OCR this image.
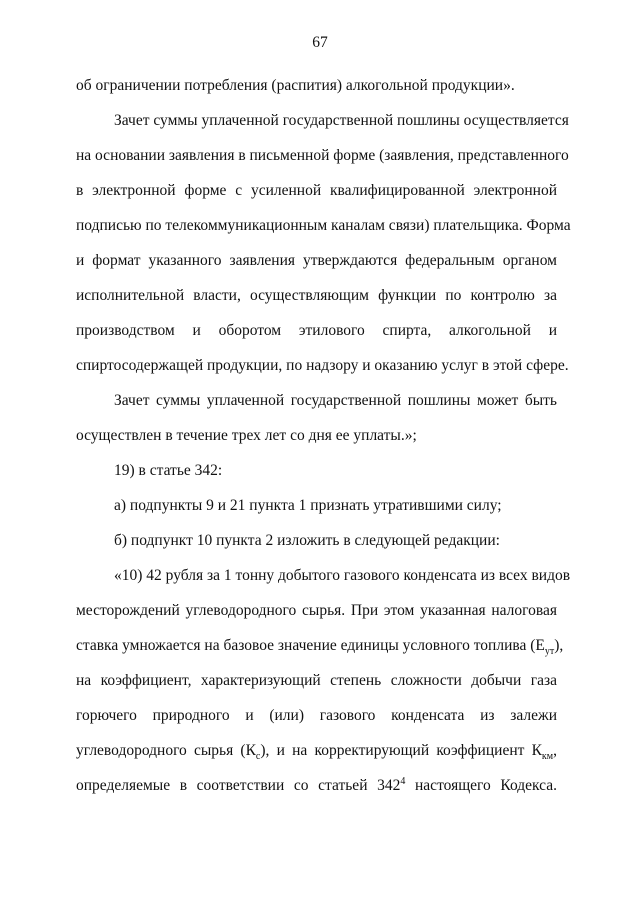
67
об ограничении потребления (распития) алкогольной продукции».
Зачет суммы уплаченной государственной пошлины осуществляется
на основании заявления в письменной форме (заявления, представленного
в электронной форме с усиленной квалифицированной электронной
подписью по телекоммуникационным каналам связи) плательщика. Форма
и формат указанного заявления утверждаются федеральным органом
исполнительной власти, осуществляющим функции по контролю за
производством и оборотом этилового спирта, алкогольной и
спиртосодержащей продукции, по надзору и оказанию услуг в этой сфере.
Зачет суммы уплаченной государственной пошлины может быть
осуществлен в течение трех лет со дня ее уплаты.»;
19) в статье 342:
а) подпункты 9 и 21 пункта 1 признать утратившими силу;
б) подпункт 10 пункта 2 изложить в следующей редакции:
«10) 42 рубля за 1 тонну добытого газового конденсата из всех видов
месторождений углеводородного сырья. При этом указанная налоговая
ставка умножается на базовое значение единицы условного топлива $(Е_{ут})$,
на коэффициент, характеризующий степень сложности добычи газа
горючего природного и (или) газового конденсата из залежи
углеводородного сырья $(К_с)$, и на корректирующий коэффициент $К_{км}$,
определяемые в соответствии со статьей $342^4$ настоящего Кодекса.
